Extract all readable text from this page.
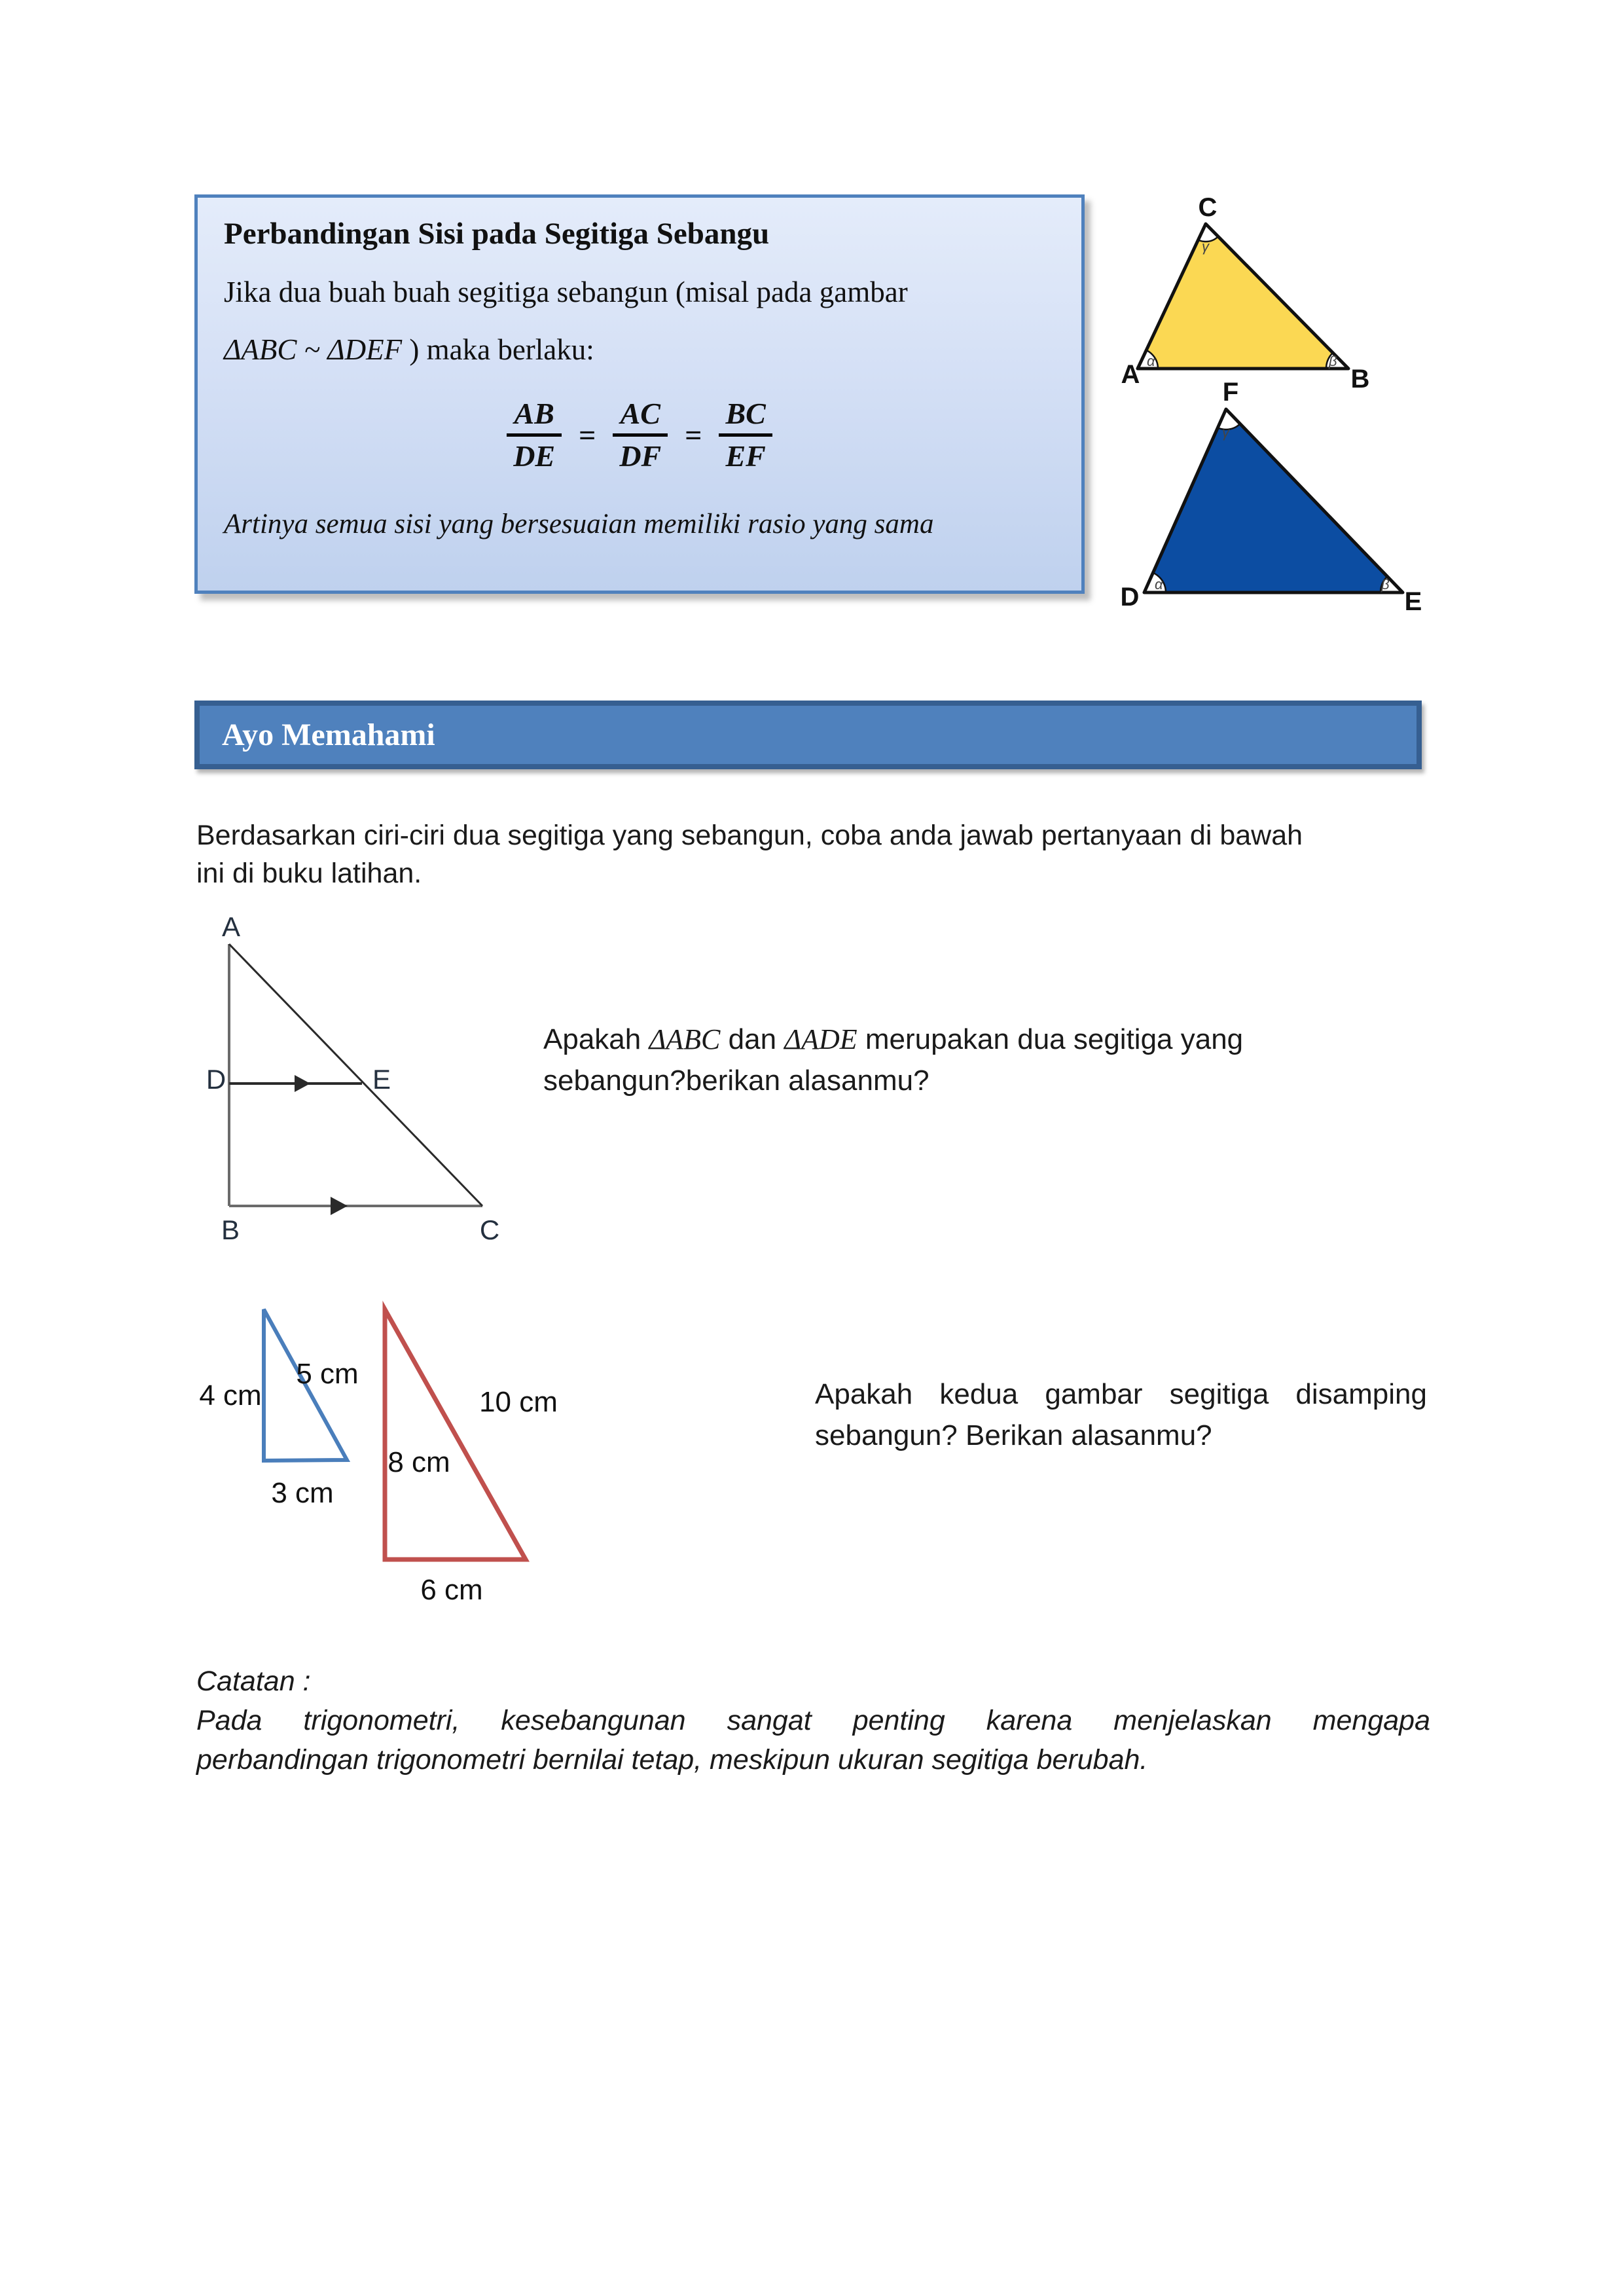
Perbandingan Sisi pada Segitiga Sebangu
Jika dua buah buah segitiga sebangun (misal pada gambar
ΔABC ~ ΔDEF ) maka berlaku:
$\frac{AB}{DE} = \frac{AC}{DF} = \frac{BC}{EF}$
Artinya semua sisi yang bersesuaian memiliki rasio yang sama
α	β
γ
A	B
C
α	β
γ
D	E
F
Ayo Memahami
Berdasarkan ciri-ciri dua segitiga yang sebangun, coba anda jawab pertanyaan di bawah
ini di buku latihan.
A
B	C
D	E
Apakah ΔABC dan ΔADE merupakan dua segitiga yang
sebangun?berikan alasanmu?
4 cm
5 cm
3 cm
8 cm
10 cm
6 cm
Apakah kedua gambar segitiga disamping
sebangun? Berikan alasanmu?
Catatan :
Pada trigonometri, kesebangunan sangat penting karena menjelaskan mengapa
perbandingan trigonometri bernilai tetap, meskipun ukuran segitiga berubah.
